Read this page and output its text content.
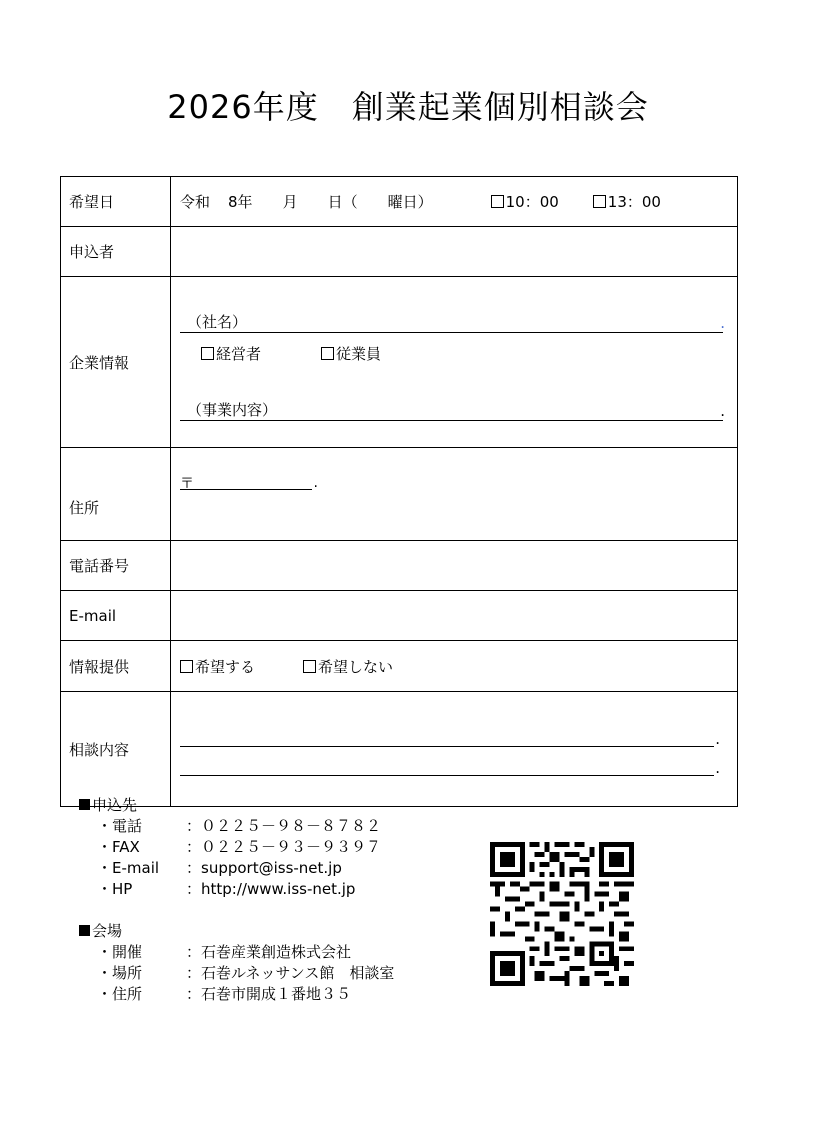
2026年度　創業起業個別相談会
希望日	令和 8年 月 日（ 曜日） 10：00 13：00
申込者	
企業情報	（社名） .
経営者 従業員
（事業内容） .

住所	〒 .

電話番号	
E-mail	
情報提供	希望する 希望しない
相談内容	.
.
申込先
・電話	：０２２５－９８－８７８２
・FAX	：０２２５－９３－９３９７
・E-mail ：support@iss-net.jp
・HP	：http://www.iss-net.jp
会場
・開催	：石巻産業創造株式会社
・場所	：石巻ルネッサンス館　相談室
・住所	：石巻市開成１番地３５
